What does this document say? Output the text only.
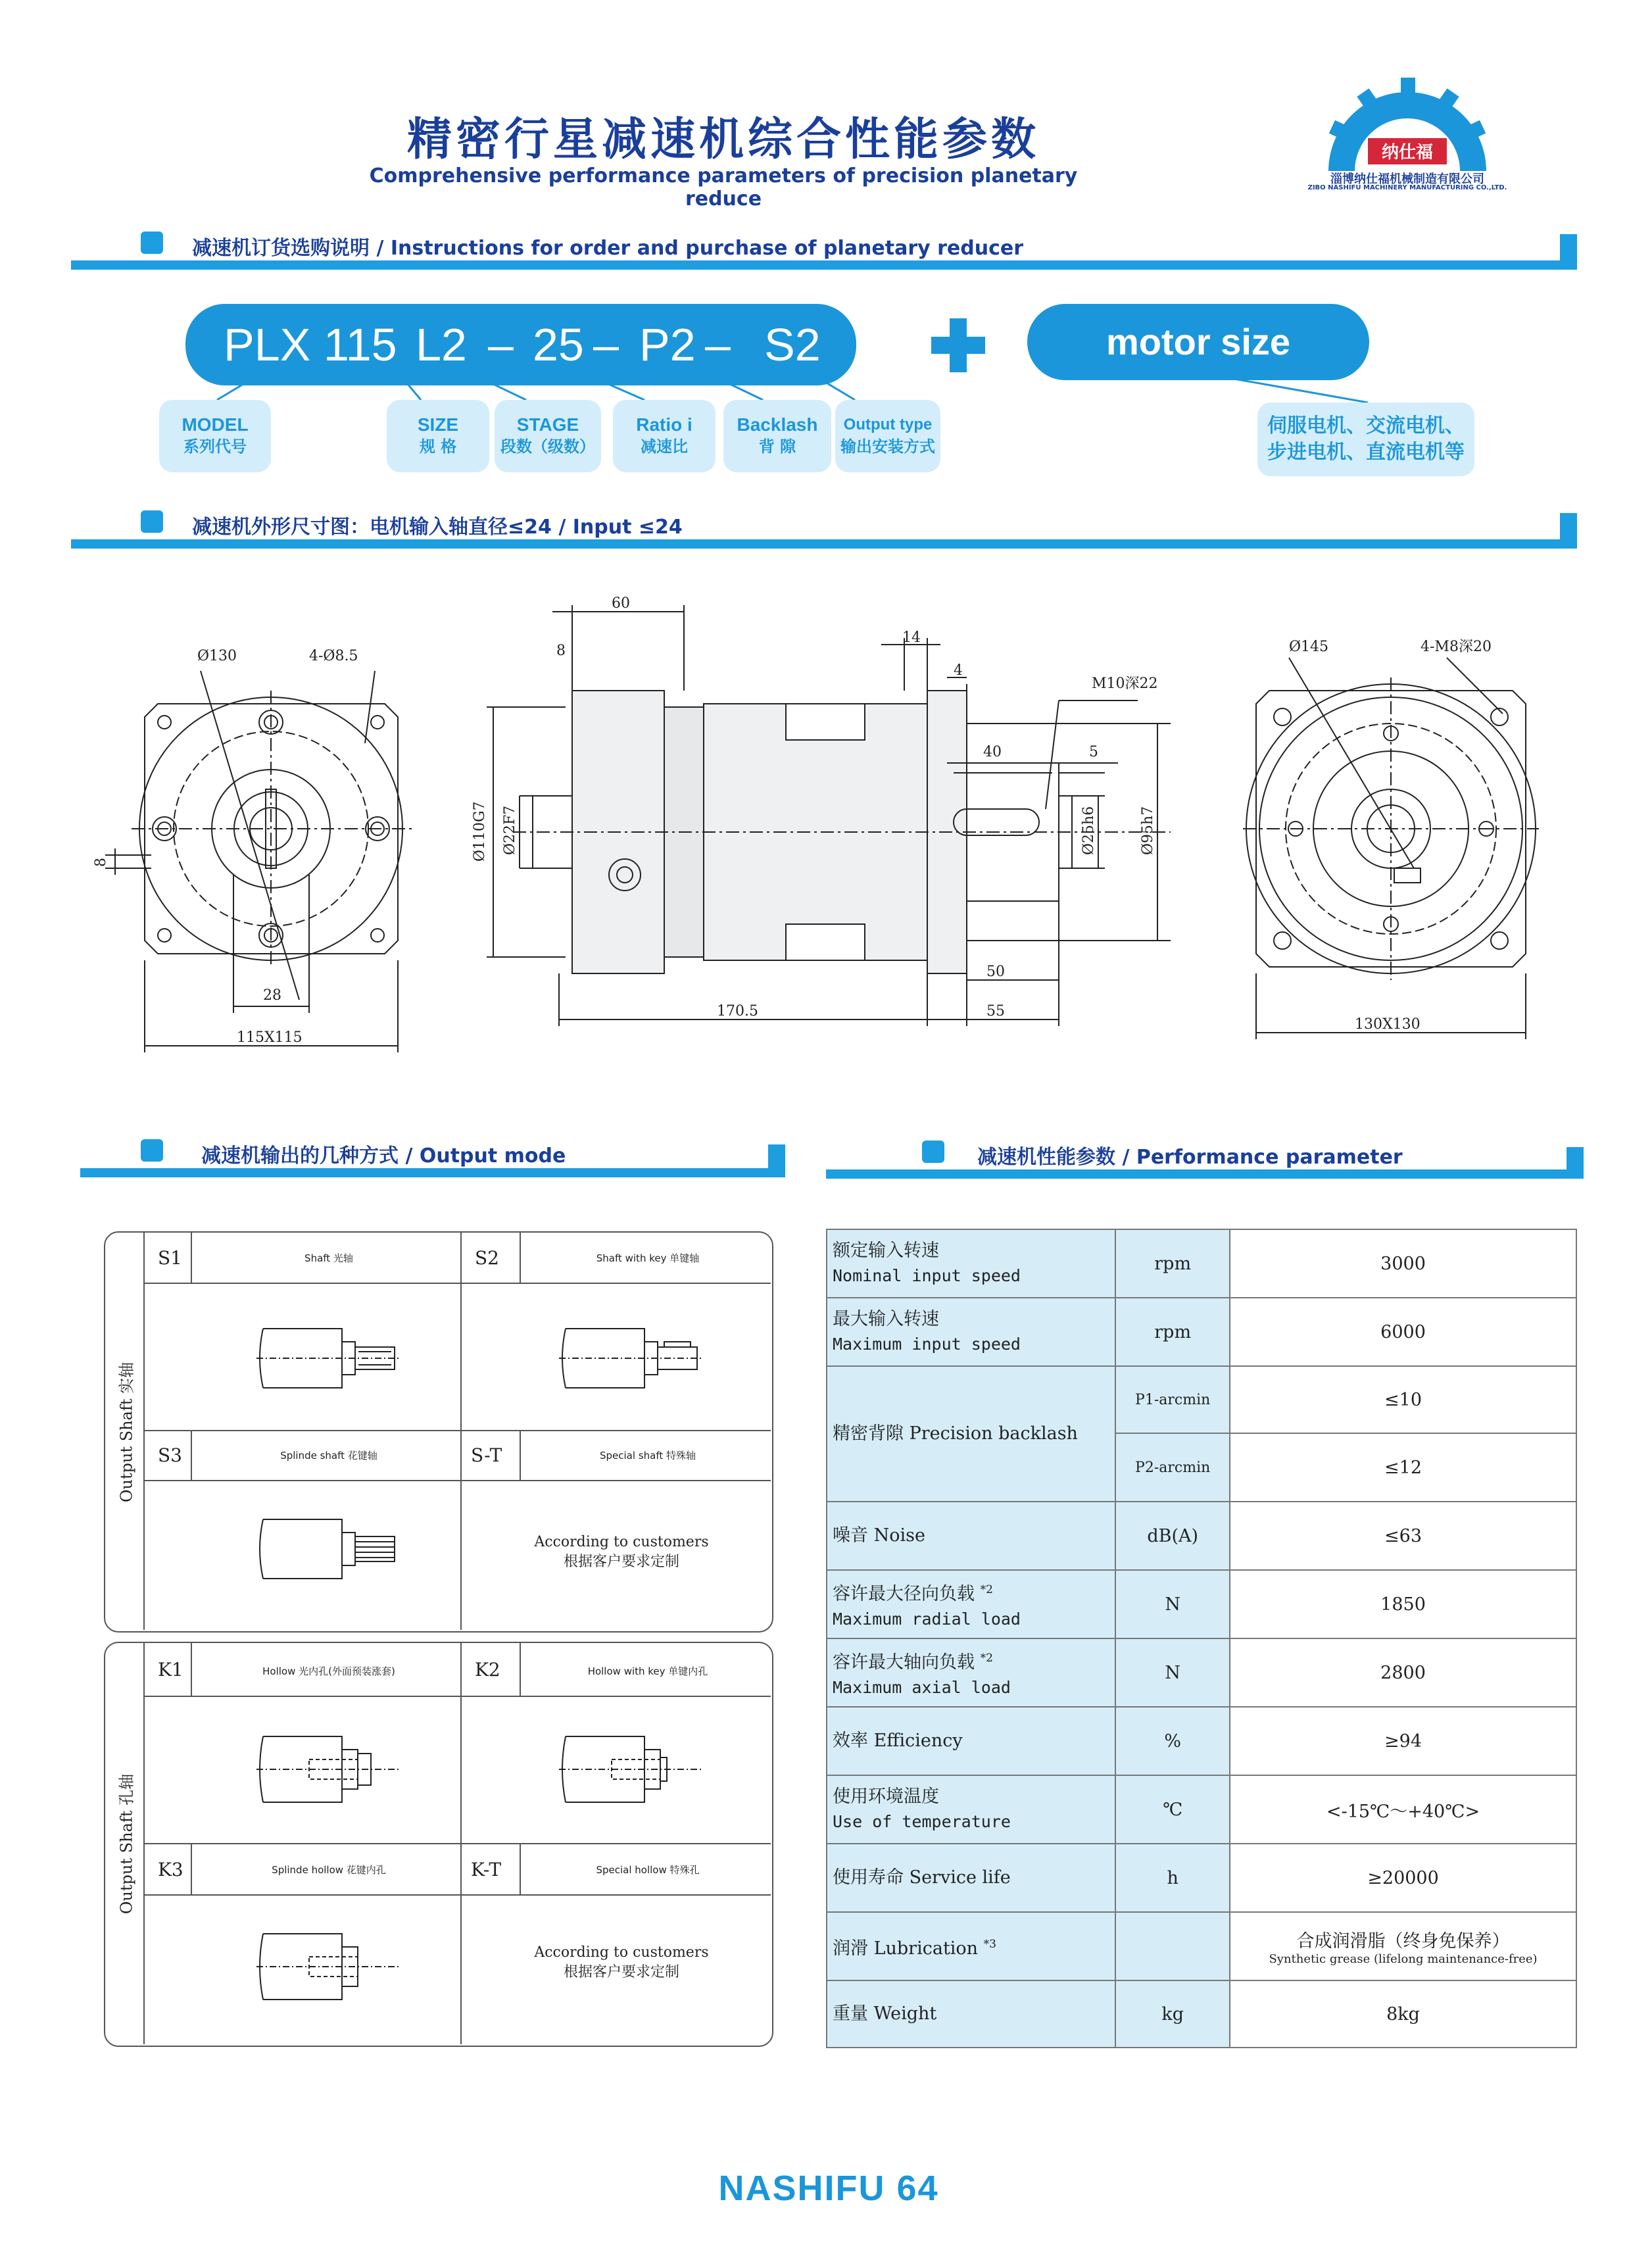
精密行星减速机综合性能参数
Comprehensive performance parameters of precision planetary reduce
纳仕福
淄博纳仕福机械制造有限公司
ZIBO NASHIFU MACHINERY MANUFACTURING CO.,LTD.
减速机订货选购说明 / Instructions for order and purchase of planetary reducer
PLX 115 L2 – 25 – P2 – S2	motor size
MODEL
系列代号
SIZE
规 格
STAGE
段数（级数）
Ratio i
减速比
Backlash
背 隙
Output type
输出安装方式
伺服电机、交流电机、
步进电机、直流电机等
减速机外形尺寸图：电机输入轴直径≤24 / Input ≤24
Ø130	4-Ø8.5
8
28
115X115
60
8
14
4
M10深22
40	5
Ø110G7 Ø22F7	Ø25h6	Ø95h7
50
170.5	55
Ø145	4-M8深20
130X130
减速机输出的几种方式 / Output mode	减速机性能参数 / Performance parameter
Output Shaft 实轴
S1	Shaft 光轴	S2	Shaft with key 单键轴
S3	Splinde shaft 花键轴	S-T	Special shaft 特殊轴
According to customers
根据客户要求定制
Output Shaft 孔轴
K1	Hollow 光内孔(外面预装涨套)	K2	Hollow with key 单键内孔
K3	Splinde hollow 花键内孔	K-T	Special hollow 特殊孔
According to customers
根据客户要求定制
额定输入转速
Nominal input speed	rpm	3000
最大输入转速
Maximum input speed	rpm	6000
精密背隙 Precision backlash	P1-arcmin	≤10
	P2-arcmin	≤12
噪音 Noise	dB(A)	≤63
容许最大径向负载 $^{*2}$
Maximum radial load	N	1850
容许最大轴向负载 $^{*2}$
Maximum axial load	N	2800
效率 Efficiency	%	≥94
使用环境温度
Use of temperature	℃	<-15℃～+40℃>
使用寿命 Service life	h	≥20000
润滑 Lubrication $^{*3}$		合成润滑脂（终身免保养）
Synthetic grease (lifelong maintenance-free)

重量 Weight	kg	8kg
NASHIFU 64
